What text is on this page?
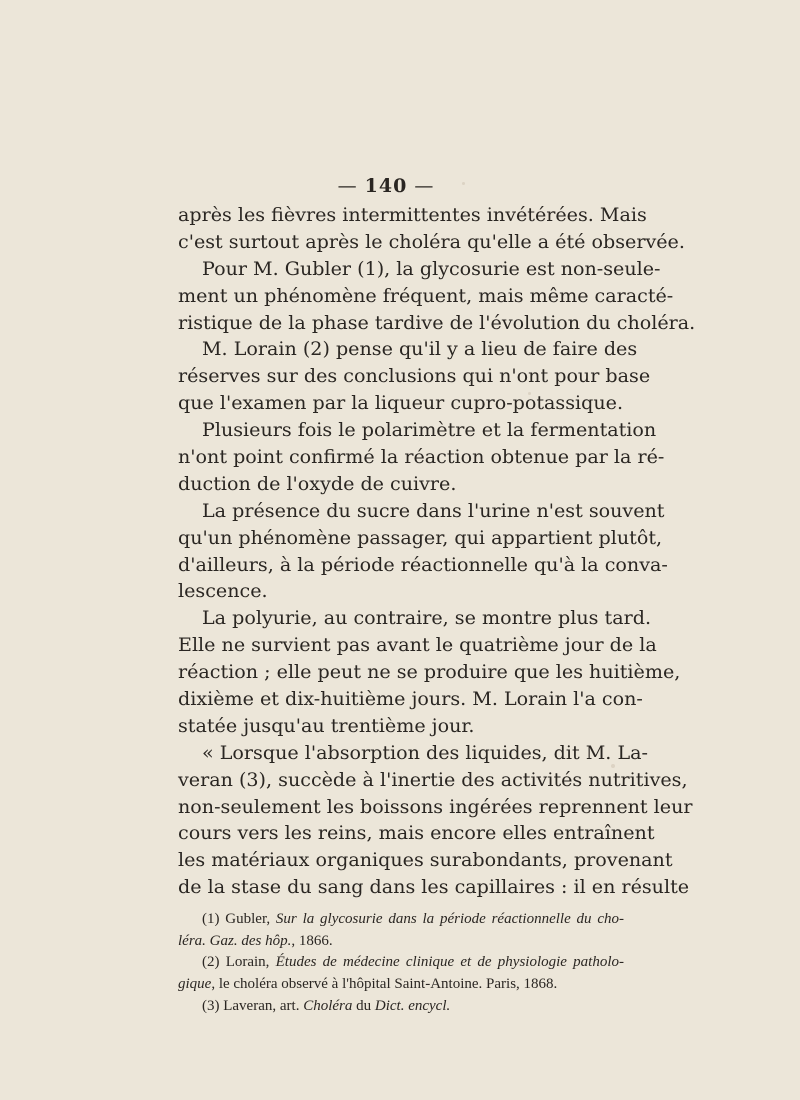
— 140 —
après les fièvres intermittentes invétérées. Mais
c'est surtout après le choléra qu'elle a été observée.
Pour M. Gubler (1), la glycosurie est non-seule-
ment un phénomène fréquent, mais même caracté-
ristique de la phase tardive de l'évolution du choléra.
M. Lorain (2) pense qu'il y a lieu de faire des
réserves sur des conclusions qui n'ont pour base
que l'examen par la liqueur cupro-potassique.
Plusieurs fois le polarimètre et la fermentation
n'ont point confirmé la réaction obtenue par la ré-
duction de l'oxyde de cuivre.
La présence du sucre dans l'urine n'est souvent
qu'un phénomène passager, qui appartient plutôt,
d'ailleurs, à la période réactionnelle qu'à la conva-
lescence.
La polyurie, au contraire, se montre plus tard.
Elle ne survient pas avant le quatrième jour de la
réaction ; elle peut ne se produire que les huitième,
dixième et dix-huitième jours. M. Lorain l'a con-
statée jusqu'au trentième jour.
« Lorsque l'absorption des liquides, dit M. La-
veran (3), succède à l'inertie des activités nutritives,
non-seulement les boissons ingérées reprennent leur
cours vers les reins, mais encore elles entraînent
les matériaux organiques surabondants, provenant
de la stase du sang dans les capillaires : il en résulte
(1) Gubler, Sur la glycosurie dans la période réactionnelle du cho-
léra. Gaz. des hôp., 1866.
(2) Lorain, Études de médecine clinique et de physiologie patholo-
gique, le choléra observé à l'hôpital Saint-Antoine. Paris, 1868.
(3) Laveran, art. Choléra du Dict. encycl.
